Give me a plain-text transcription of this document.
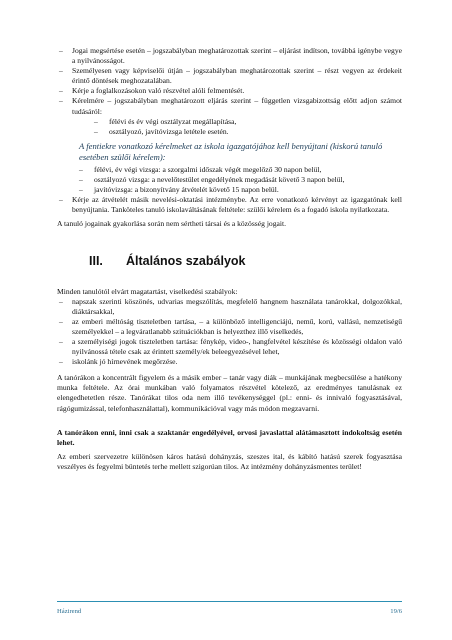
– Jogai megsértése esetén – jogszabályban meghatározottak szerint – eljárást indítson, továbbá igénybe vegye a nyilvánosságot.
– Személyesen vagy képviselői útján – jogszabályban meghatározottak szerint – részt vegyen az érdekeit érintő döntések meghozatalában.
– Kérje a foglalkozásokon való részvétel alóli felmentését.
– Kérelmére – jogszabályban meghatározott eljárás szerint – független vizsgabizottság előtt adjon számot tudásáról:
– félévi és év végi osztályzat megállapítása,
– osztályozó, javítóvizsga letétele esetén.
A fentiekre vonatkozó kérelmeket az iskola igazgatójához kell benyújtani (kiskorú tanuló esetében szülői kérelem):
– félévi, év végi vizsga: a szorgalmi időszak végét megelőző 30 napon belül,
– osztályozó vizsga: a nevelőtestület engedélyének megadását követő 3 napon belül,
– javítóvizsga: a bizonyítvány átvételét követő 15 napon belül.
– Kérje az átvételét másik nevelési-oktatási intézménybe. Az erre vonatkozó kérvényt az igazgatónak kell benyújtania. Tanköteles tanuló iskolaváltásának feltétele: szülői kérelem és a fogadó iskola nyilatkozata.

A tanuló jogainak gyakorlása során nem sértheti társai és a közösség jogait.

III.	Általános szabályok
Minden tanulótól elvárt magatartást, viselkedési szabályok:
– napszak szerinti köszönés, udvarias megszólítás, megfelelő hangnem használata tanárokkal, dolgozókkal, diáktársakkal,
– az emberi méltóság tiszteletben tartása, – a különböző intelligenciájú, nemű, korú, vallású, nemzetiségű személyekkel – a legváratlanabb szituációkban is helyezthez illő viselkedés,
– a személyiségi jogok tiszteletben tartása: fénykép, video-, hangfelvétel készítése és közösségi oldalon való nyilvánossá tétele csak az érintett személy/ek beleegyezésével lehet,
– iskolánk jó hírnevének megőrzése.

A tanórákon a koncentrált figyelem és a másik ember – tanár vagy diák – munkájának megbecsülése a hatékony munka feltétele. Az órai munkában való folyamatos részvétel kötelező, az eredményes tanulásnak ez elengedhetetlen része. Tanórákat tilos oda nem illő tevékenységgel (pl.: enni- és innivaló fogyasztásával, rágógumizással, telefonhasználattal), kommunikációval vagy más módon megzavarni.

A tanórákon enni, inni csak a szaktanár engedélyével, orvosi javaslattal alátámasztott indokoltság esetén lehet.

Az emberi szervezetre különösen káros hatású dohányzás, szeszes ital, és kábító hatású szerek fogyasztása veszélyes és fegyelmi büntetés terhe mellett szigorúan tilos. Az intézmény dohányzásmentes terület!

Házirend	19/6
